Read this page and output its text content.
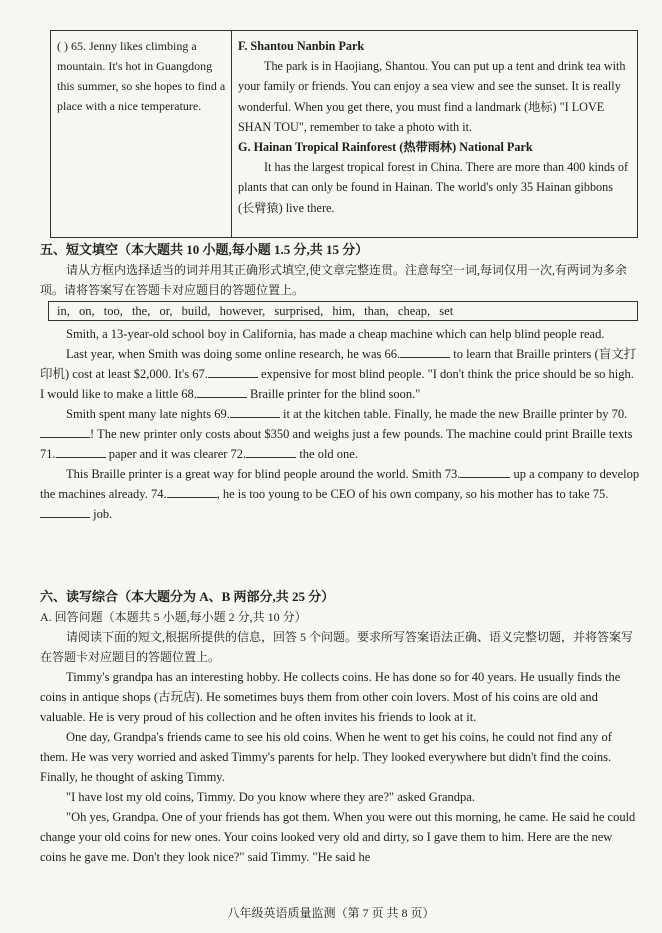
( ) 65. Jenny likes climbing a mountain. It's hot in Guangdong this summer, so she hopes to find a place with a nice temperature.

F. Shantou Nanbin Park

The park is in Haojiang, Shantou. You can put up a tent and drink tea with your family or friends. You can enjoy a sea view and see the sunset. It is really wonderful. When you get there, you must find a landmark (地标) "I LOVE SHAN TOU", remember to take a photo with it.

G. Hainan Tropical Rainforest (热带雨林) National Park

It has the largest tropical forest in China. There are more than 400 kinds of plants that can only be found in Hainan. The world's only 35 Hainan gibbons (长臂猿) live there.

五、短文填空（本大题共 10 小题,每小题 1.5 分,共 15 分）

请从方框内选择适当的词并用其正确形式填空,使文章完整连贯。注意每空一词,每词仅用一次,有两词为多余项。请将答案写在答题卡对应题目的答题位置上。

in, on, too, the, or, build, however, surprised, him, than, cheap, set

Smith, a 13-year-old school boy in California, has made a cheap machine which can help blind people read.

Last year, when Smith was doing some online research, he was 66.	to learn that Braille printers (盲文打印机) cost at least $2,000. It's 67.	expensive for most blind people. "I don't think the price should be so high. I would like to make a little 68.	Braille printer for the blind soon."

Smith spent many late nights 69.	it at the kitchen table. Finally, he made the new Braille printer by 70.! The new printer only costs about $350 and weighs just a few pounds. The machine could print Braille texts 71.	paper and it was clearer 72.	the old one.

This Braille printer is a great way for blind people around the world. Smith 73.	up a company to develop the machines already. 74.	, he is too young to be CEO of his own company, so his mother has to take 75. job.

六、读写综合（本大题分为 A、B 两部分,共 25 分）

A. 回答问题（本题共 5 小题,每小题 2 分,共 10 分）

请阅读下面的短文,根据所提供的信息，回答 5 个问题。要求所写答案语法正确、语义完整切题，并将答案写在答题卡对应题目的答题位置上。

Timmy's grandpa has an interesting hobby. He collects coins. He has done so for 40 years. He usually finds the coins in antique shops (古玩店). He sometimes buys them from other coin lovers. Most of his coins are old and valuable. He is very proud of his collection and he often invites his friends to look at it.

One day, Grandpa's friends came to see his old coins. When he went to get his coins, he could not find any of them. He was very worried and asked Timmy's parents for help. They looked everywhere but didn't find the coins. Finally, he thought of asking Timmy.

"I have lost my old coins, Timmy. Do you know where they are?" asked Grandpa.

"Oh yes, Grandpa. One of your friends has got them. When you were out this morning, he came. He said he could change your old coins for new ones. Your coins looked very old and dirty, so I gave them to him. Here are the new coins he gave me. Don't they look nice?" said Timmy. "He said he

八年级英语质量监测（第 7 页 共 8 页）
